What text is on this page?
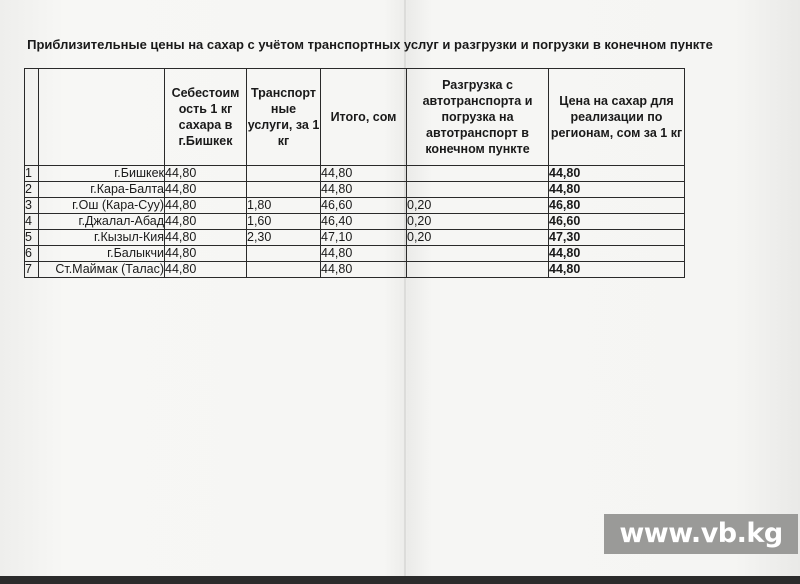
Приблизительные цены на сахар с учётом транспортных услуг и разгрузки и погрузки в конечном пункте
		Себестоим ость 1 кг сахара в г.Бишкек	Транспорт ные услуги, за 1 кг	Итого, сом	Разгрузка с автотранспорта и погрузка на автотранспорт в конечном пункте	Цена на сахар для реализации по регионам, сом за 1 кг
1	г.Бишкек	44,80		44,80		44,80
2	г.Кара-Балта	44,80		44,80		44,80
3	г.Ош (Кара-Суу)	44,80	1,80	46,60	0,20	46,80
4	г.Джалал-Абад	44,80	1,60	46,40	0,20	46,60
5	г.Кызыл-Кия	44,80	2,30	47,10	0,20	47,30
6	г.Балыкчи	44,80		44,80		44,80
7	Ст.Маймак (Талас)	44,80		44,80		44,80
www.vb.kg
